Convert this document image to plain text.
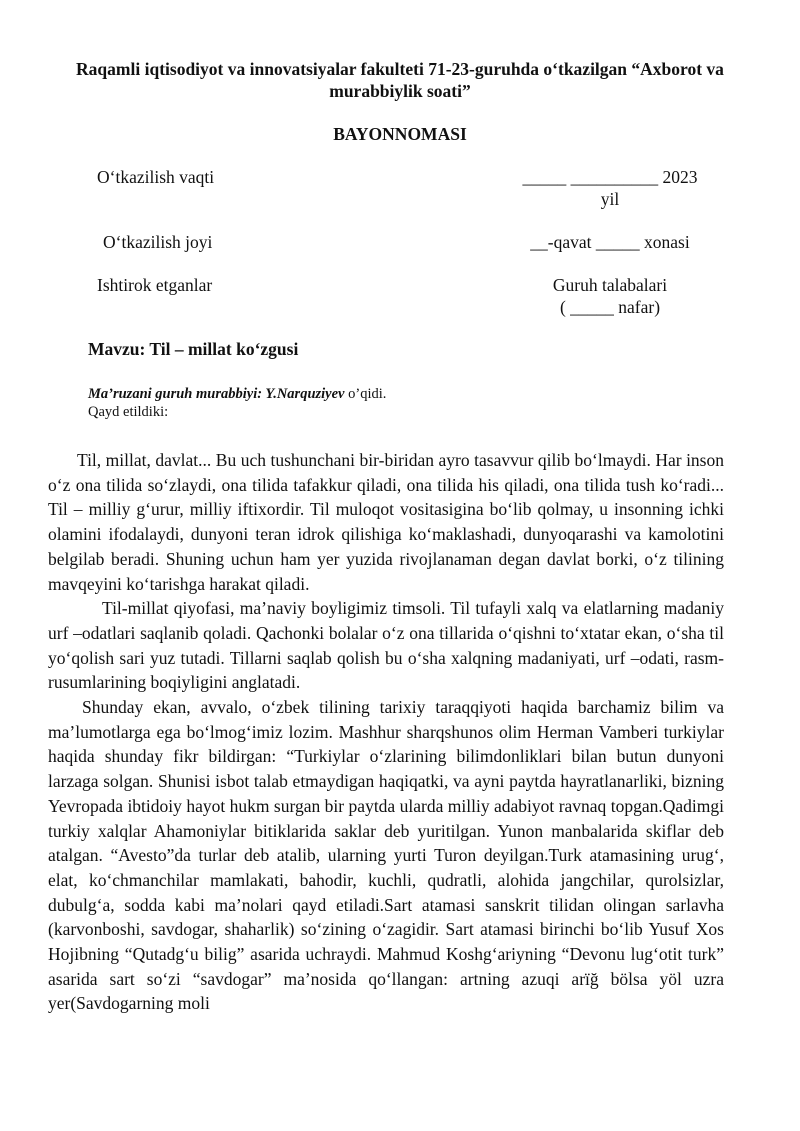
Raqamli iqtisodiyot va innovatsiyalar fakulteti 71-23-guruhda o‘tkazilgan “Axborot va murabbiylik soati”
BAYONNOMASI
O‘tkazilish vaqti	_____ __________ 2023
yil
O‘tkazilish joyi	__-qavat _____ xonasi
Ishtirok etganlar	Guruh talabalari
( _____ nafar)
Mavzu: Til – millat ko‘zgusi
Ma’ruzani guruh murabbiyi: Y.Narquziyev o’qidi.
Qayd etildiki:

Til, millat, davlat... Bu uch tushunchani bir-biridan ayro tasavvur qilib bo‘lmaydi. Har inson o‘z ona tilida so‘zlaydi, ona tilida tafakkur qiladi, ona tilida his qiladi, ona tilida tush ko‘radi... Til – milliy g‘urur, milliy iftixordir. Til muloqot vositasigina bo‘lib qolmay, u insonning ichki olamini ifodalaydi, dunyoni teran idrok qilishiga ko‘maklashadi, dunyoqarashi va kamolotini belgilab beradi. Shuning uchun ham yer yuzida rivojlanaman degan davlat borki, o‘z tilining mavqeyini ko‘tarishga harakat qiladi.

Til-millat qiyofasi, ma’naviy boyligimiz timsoli. Til tufayli xalq va elatlarning madaniy urf –odatlari saqlanib qoladi. Qachonki bolalar o‘z ona tillarida o‘qishni to‘xtatar ekan, o‘sha til yo‘qolish sari yuz tutadi. Tillarni saqlab qolish bu o‘sha xalqning madaniyati, urf –odati, rasm-rusumlarining boqiyligini anglatadi.

Shunday ekan, avvalo, o‘zbek tilining tarixiy taraqqiyoti haqida barchamiz bilim va ma’lumotlarga ega bo‘lmog‘imiz lozim. Mashhur sharqshunos olim Herman Vamberi turkiylar haqida shunday fikr bildirgan: “Turkiylar o‘zlarining bilimdonliklari bilan butun dunyoni larzaga solgan. Shunisi isbot talab etmaydigan haqiqatki, va ayni paytda hayratlanarliki, bizning Yevropada ibtidoiy hayot hukm surgan bir paytda ularda milliy adabiyot ravnaq topgan.Qadimgi turkiy xalqlar Ahamoniylar bitiklarida saklar deb yuritilgan. Yunon manbalarida skiflar deb atalgan. “Avesto”da turlar deb atalib, ularning yurti Turon deyilgan.Turk atamasining urug‘, elat, ko‘chmanchilar mamlakati, bahodir, kuchli, qudratli, alohida jangchilar, qurolsizlar, dubulg‘a, sodda kabi ma’nolari qayd etiladi.Sart atamasi sanskrit tilidan olingan sarlavha (karvonboshi, savdogar, shaharlik) so‘zining o‘zagidir. Sart atamasi birinchi bo‘lib Yusuf Xos Hojibning “Qutadg‘u bilig” asarida uchraydi. Mahmud Koshg‘ariyning “Devonu lug‘otit turk” asarida sart so‘zi “savdogar” ma’nosida qo‘llangan: artning azuqi arïğ bölsa yöl uzra yer(Savdogarning moli
